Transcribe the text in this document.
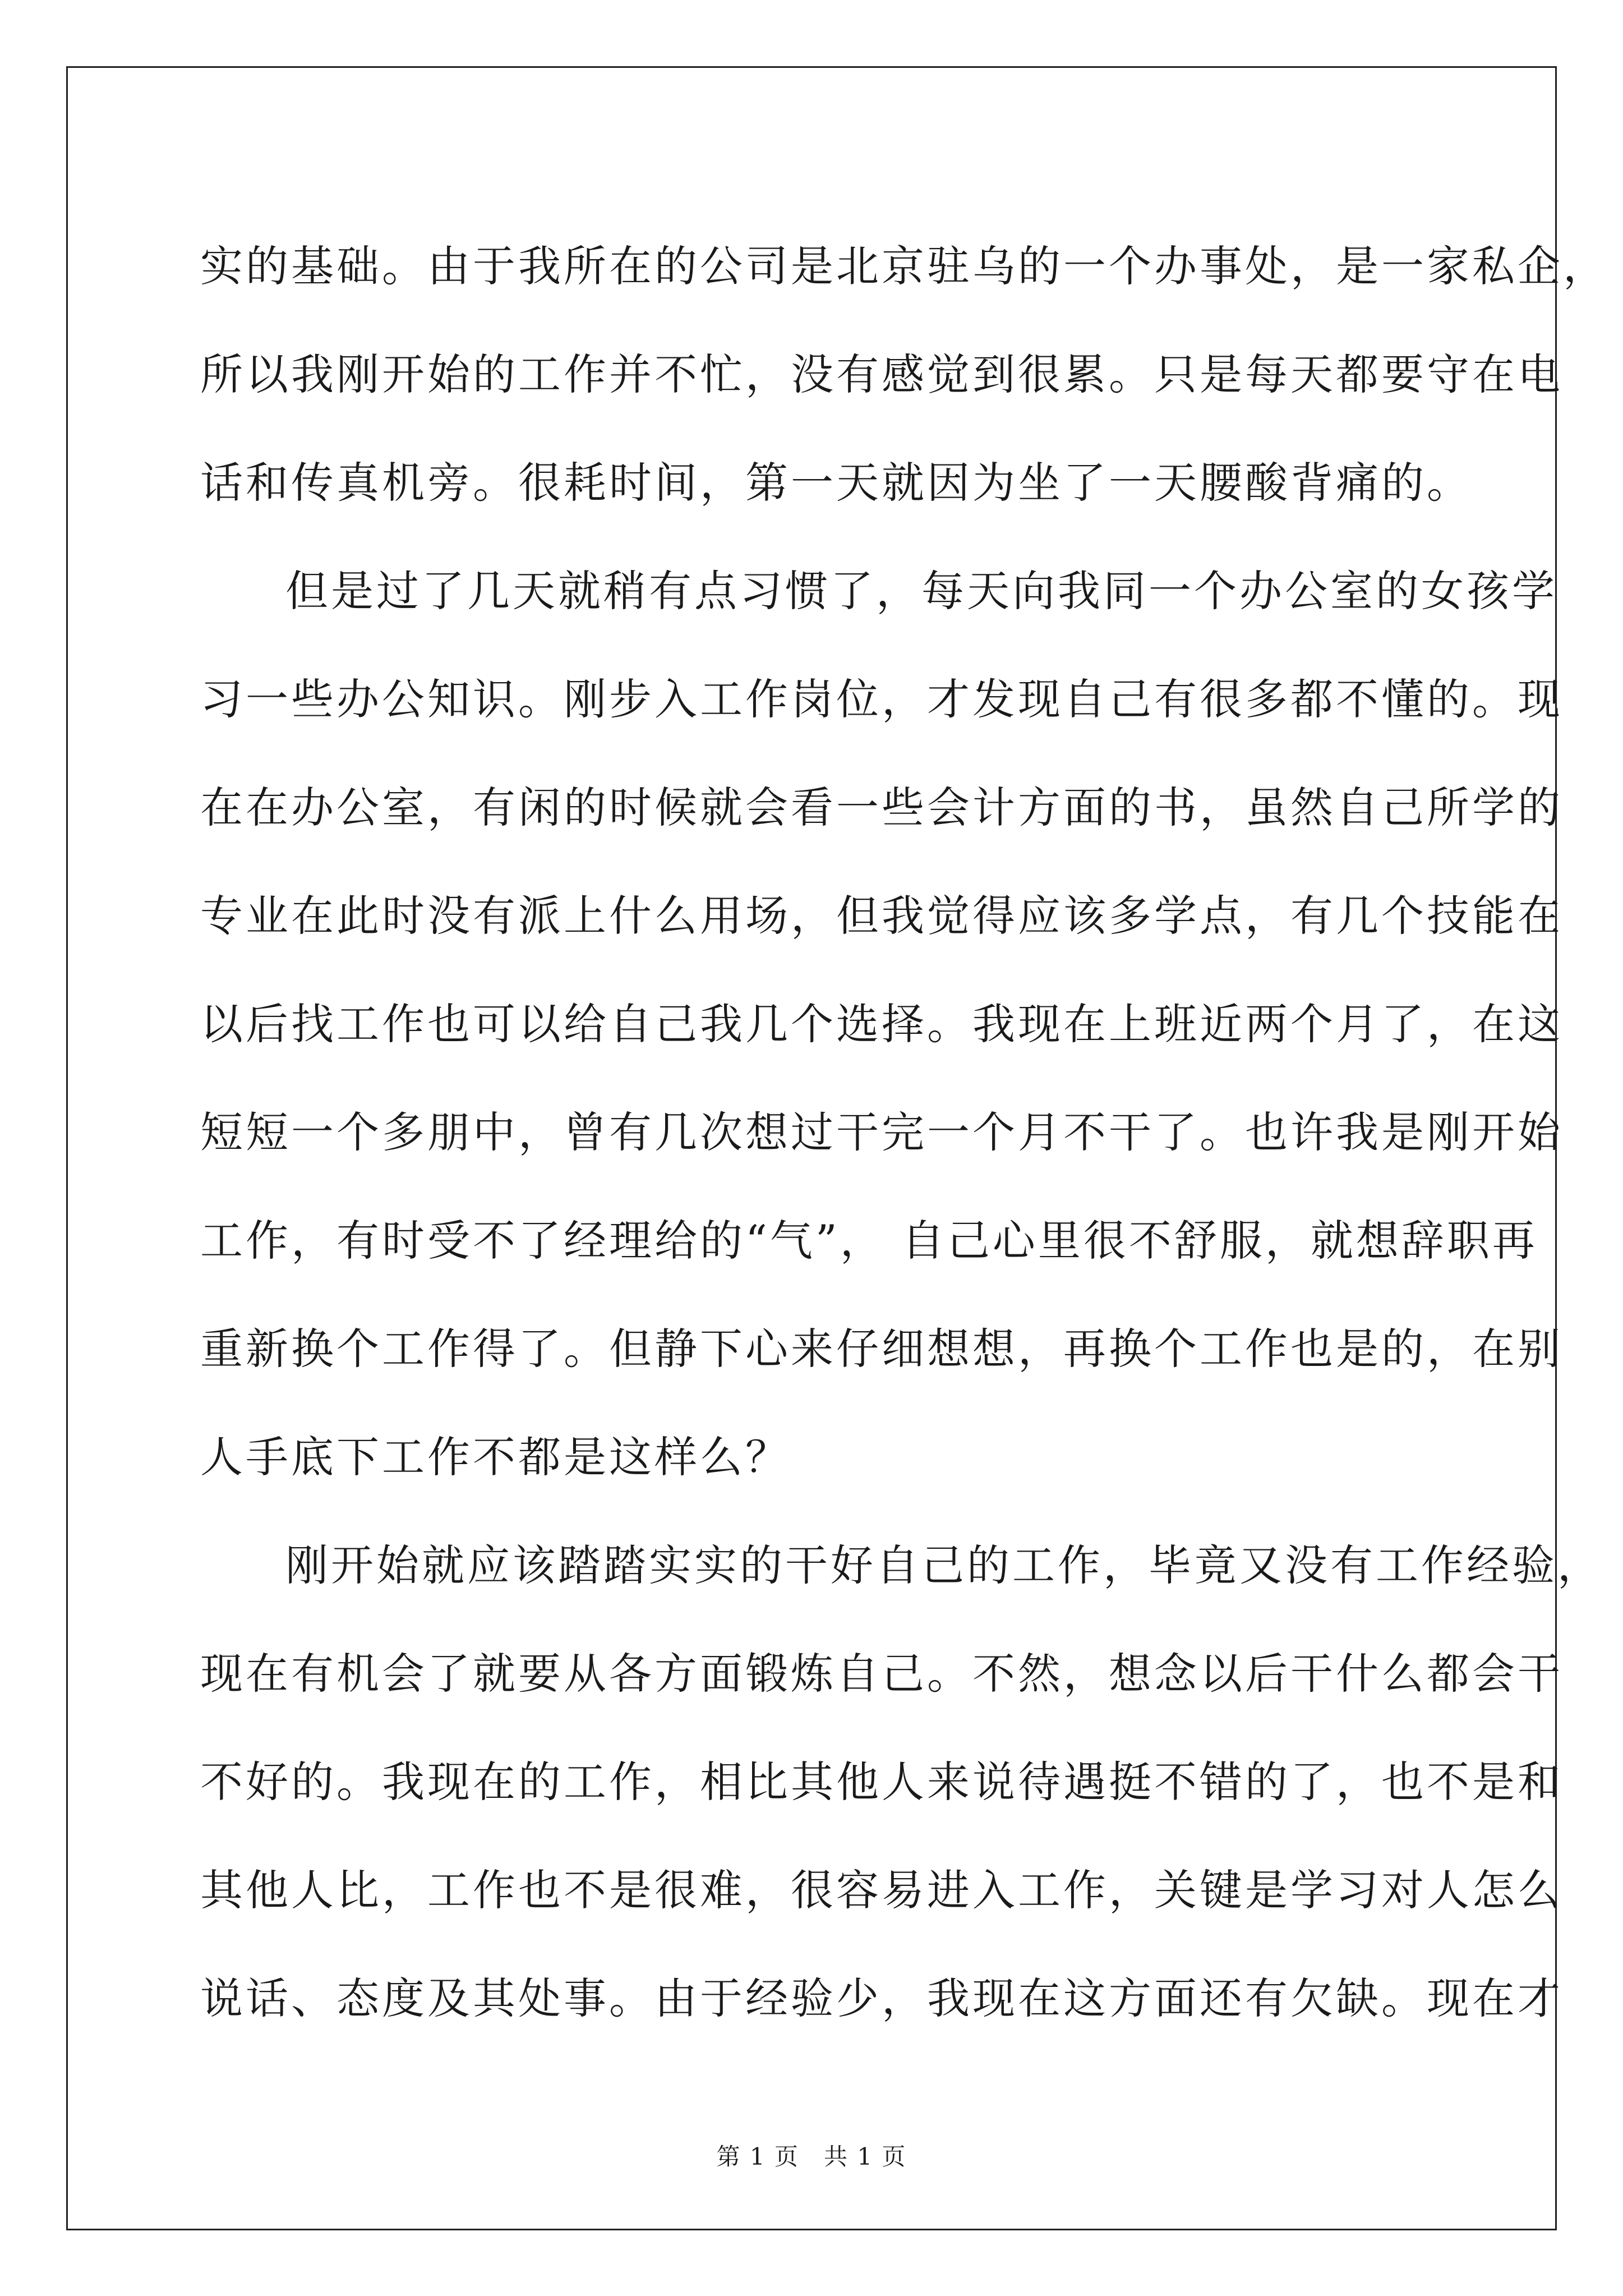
实的基础。由于我所在的公司是北京驻乌的一个办事处，是一家私企，
所以我刚开始的工作并不忙，没有感觉到很累。只是每天都要守在电
话和传真机旁。很耗时间，第一天就因为坐了一天腰酸背痛的。

但是过了几天就稍有点习惯了，每天向我同一个办公室的女孩学
习一些办公知识。刚步入工作岗位，才发现自己有很多都不懂的。现
在在办公室，有闲的时候就会看一些会计方面的书，虽然自己所学的
专业在此时没有派上什么用场，但我觉得应该多学点，有几个技能在
以后找工作也可以给自己我几个选择。我现在上班近两个月了，在这
短短一个多朋中，曾有几次想过干完一个月不干了。也许我是刚开始
工作，有时受不了经理给的“气”， 自己心里很不舒服，就想辞职再
重新换个工作得了。但静下心来仔细想想，再换个工作也是的，在别
人手底下工作不都是这样么？

刚开始就应该踏踏实实的干好自己的工作，毕竟又没有工作经验，
现在有机会了就要从各方面锻炼自己。不然，想念以后干什么都会干
不好的。我现在的工作，相比其他人来说待遇挺不错的了，也不是和
其他人比，工作也不是很难，很容易进入工作，关键是学习对人怎么
说话、态度及其处事。由于经验少，我现在这方面还有欠缺。现在才

第 1 页　共 1 页
